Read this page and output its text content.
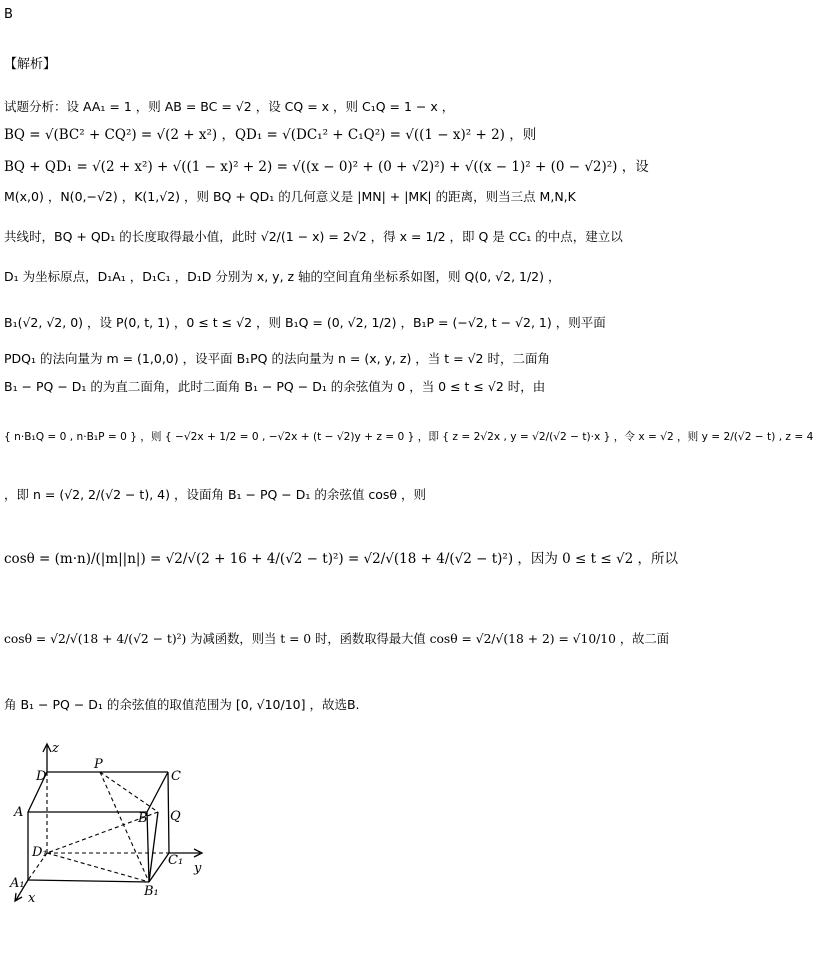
B
【解析】
试题分析：设 AA₁ = 1 ，则 AB = BC = √2 ，设 CQ = x ，则 C₁Q = 1 − x ，
BQ = √(BC² + CQ²) = √(2 + x²) ，QD₁ = √(DC₁² + C₁Q²) = √((1 − x)² + 2) ，则
BQ + QD₁ = √(2 + x²) + √((1 − x)² + 2) = √((x − 0)² + (0 + √2)²) + √((x − 1)² + (0 − √2)²) ，设
M(x,0) ，N(0,−√2) ，K(1,√2) ，则 BQ + QD₁ 的几何意义是 |MN| + |MK| 的距离，则当三点 M,N,K
共线时，BQ + QD₁ 的长度取得最小值，此时 √2/(1 − x) = 2√2 ，得 x = 1/2 ，即 Q 是 CC₁ 的中点，建立以
D₁ 为坐标原点，D₁A₁ ，D₁C₁ ，D₁D 分别为 x, y, z 轴的空间直角坐标系如图，则 Q(0, √2, 1/2) ，
B₁(√2, √2, 0) ，设 P(0, t, 1) ，0 ≤ t ≤ √2 ，则 B₁Q = (0, √2, 1/2) ，B₁P = (−√2, t − √2, 1) ，则平面
PDQ₁ 的法向量为 m = (1,0,0) ，设平面 B₁PQ 的法向量为 n = (x, y, z) ，当 t = √2 时，二面角
B₁ − PQ − D₁ 的为直二面角，此时二面角 B₁ − PQ − D₁ 的余弦值为 0 ，当 0 ≤ t ≤ √2 时，由
{ n·B₁Q = 0 , n·B₁P = 0 } ，则 { −√2x + 1/2 = 0 , −√2x + (t − √2)y + z = 0 } ，即 { z = 2√2x , y = √2/(√2 − t)·x } ，令 x = √2 ，则 y = 2/(√2 − t) , z = 4
，即 n = (√2, 2/(√2 − t), 4) ，设面角 B₁ − PQ − D₁ 的余弦值 cosθ ，则
cosθ = (m·n)/(|m||n|) = √2/√(2 + 16 + 4/(√2 − t)²) = √2/√(18 + 4/(√2 − t)²) ，因为 0 ≤ t ≤ √2 ，所以
cosθ = √2/√(18 + 4/(√2 − t)²) 为减函数，则当 t = 0 时，函数取得最大值 cosθ = √2/√(18 + 2) = √10/10 ，故二面
角 B₁ − PQ − D₁ 的余弦值的取值范围为 [0, √10/10] ，故选B.
z
D
P
C
A	B Q
D₁
C₁
y
A₁
B₁
x
